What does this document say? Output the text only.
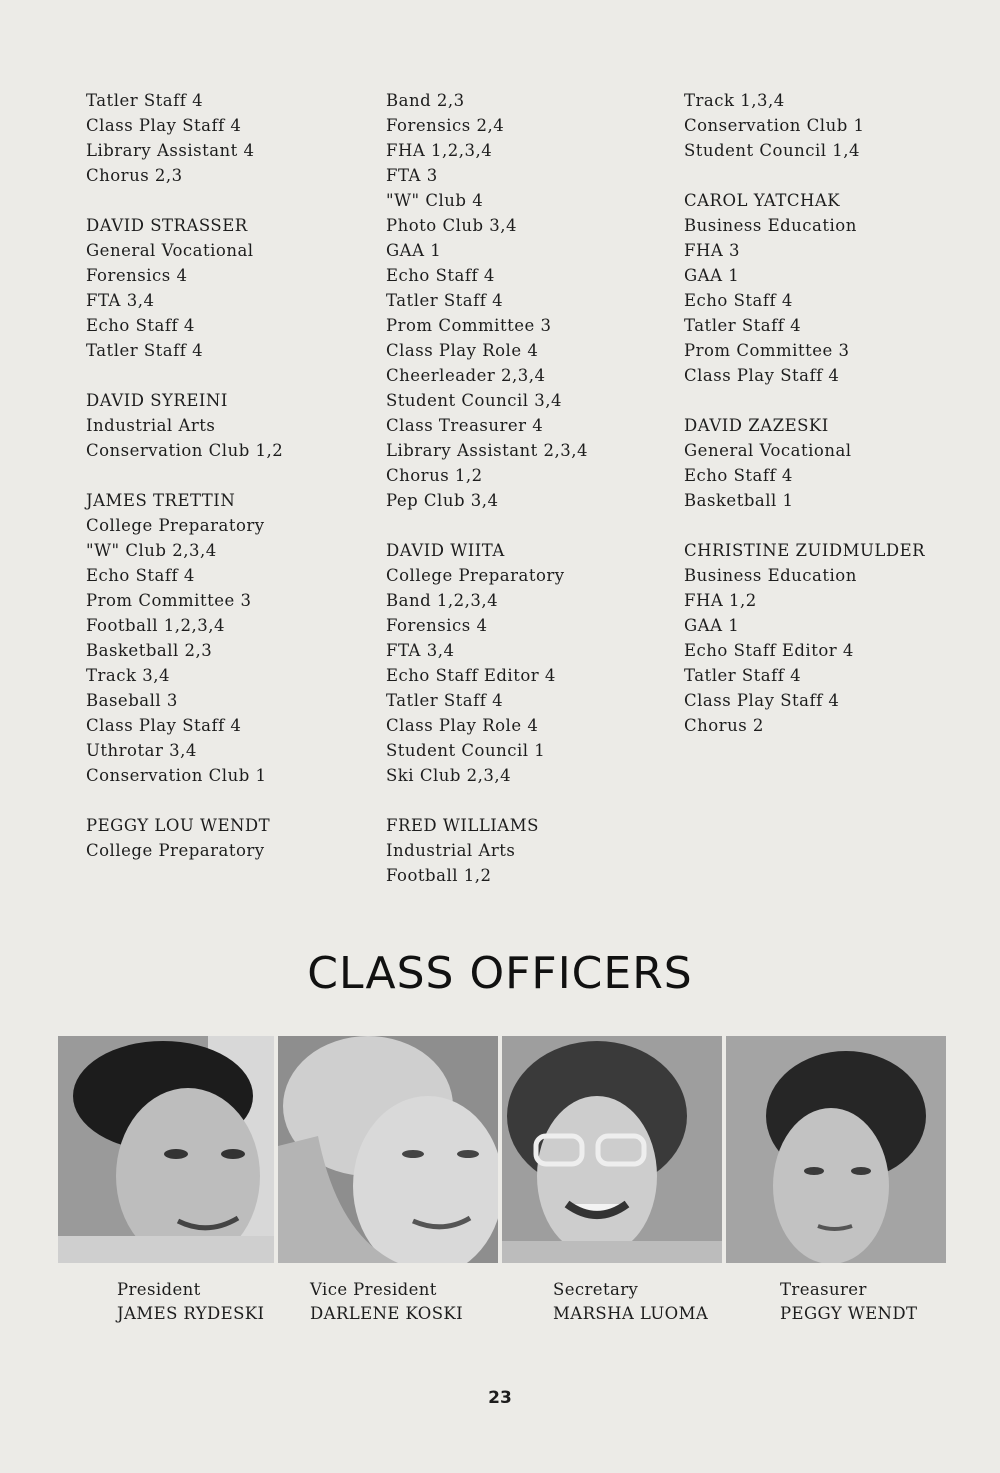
Tatler Staff 4
Class Play Staff 4
Library Assistant 4
Chorus 2,3
DAVID STRASSER
General Vocational
Forensics 4
FTA 3,4
Echo Staff 4
Tatler Staff 4
DAVID SYREINI
Industrial Arts
Conservation Club 1,2
JAMES TRETTIN
College Preparatory
"W" Club 2,3,4
Echo Staff 4
Prom Committee 3
Football 1,2,3,4
Basketball 2,3
Track 3,4
Baseball 3
Class Play Staff 4
Uthrotar 3,4
Conservation Club 1
PEGGY LOU WENDT
College Preparatory
Band 2,3
Forensics 2,4
FHA 1,2,3,4
FTA 3
"W" Club 4
Photo Club 3,4
GAA 1
Echo Staff 4
Tatler Staff 4
Prom Committee 3
Class Play Role 4
Cheerleader 2,3,4
Student Council 3,4
Class Treasurer 4
Library Assistant 2,3,4
Chorus 1,2
Pep Club 3,4
DAVID WIITA
College Preparatory
Band 1,2,3,4
Forensics 4
FTA 3,4
Echo Staff Editor 4
Tatler Staff 4
Class Play Role 4
Student Council 1
Ski Club 2,3,4
FRED WILLIAMS
Industrial Arts
Football 1,2
Track 1,3,4
Conservation Club 1
Student Council 1,4
CAROL YATCHAK
Business Education
FHA 3
GAA 1
Echo Staff 4
Tatler Staff 4
Prom Committee 3
Class Play Staff 4
DAVID ZAZESKI
General Vocational
Echo Staff 4
Basketball 1
CHRISTINE ZUIDMULDER
Business Education
FHA 1,2
GAA 1
Echo Staff Editor 4
Tatler Staff 4
Class Play Staff 4
Chorus 2
CLASS OFFICERS
President
JAMES RYDESKI
Vice President
DARLENE KOSKI
Secretary
MARSHA LUOMA
Treasurer
PEGGY WENDT
23
